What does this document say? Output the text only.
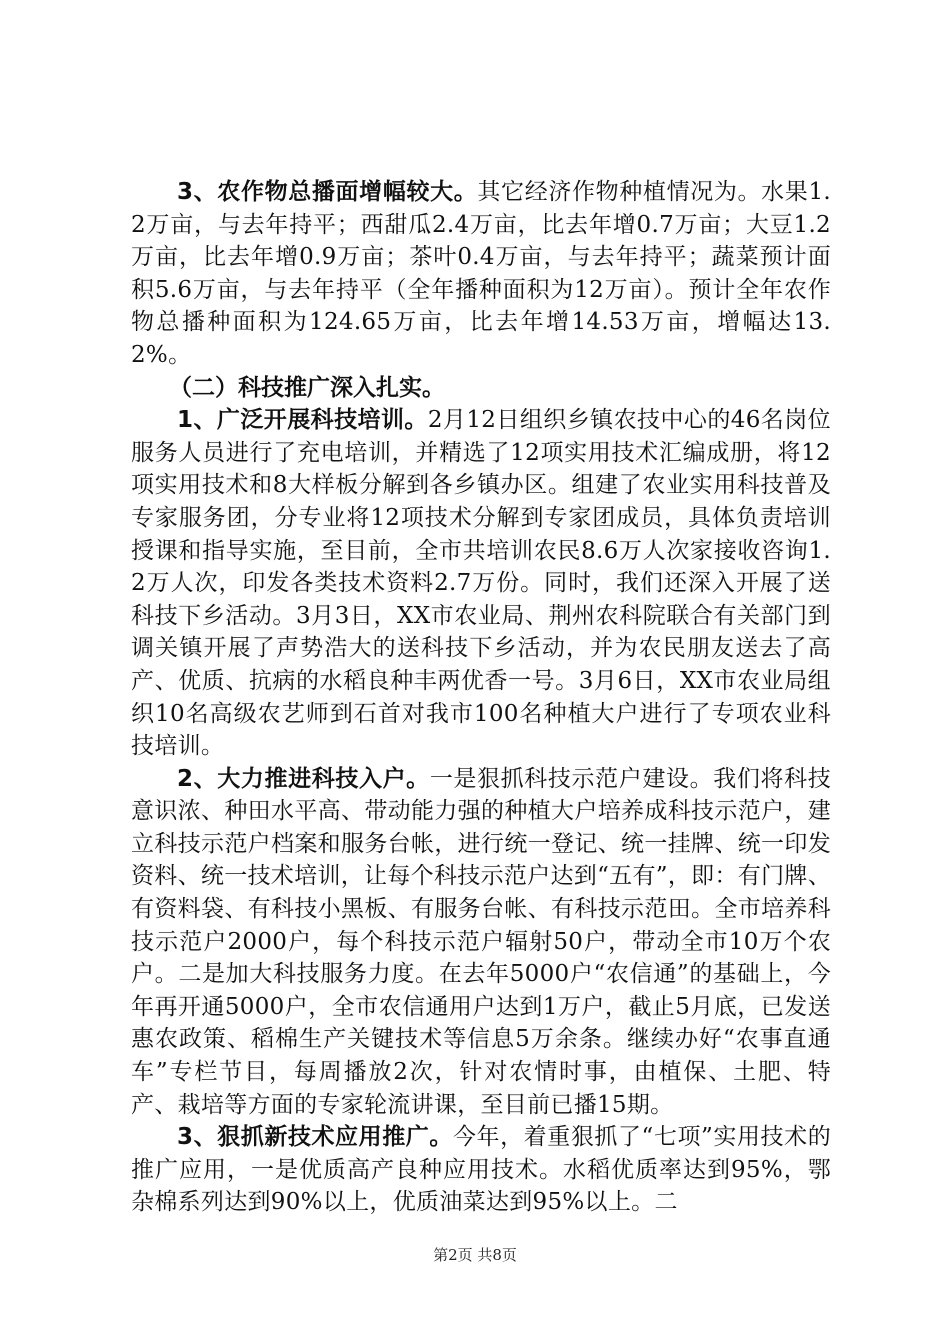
3、农作物总播面增幅较大。其它经济作物种植情况为。水果1.2万亩，与去年持平；西甜瓜2.4万亩，比去年增0.7万亩；大豆1.2万亩，比去年增0.9万亩；茶叶0.4万亩，与去年持平；蔬菜预计面积5.6万亩，与去年持平（全年播种面积为12万亩）。预计全年农作物总播种面积为124.65万亩，比去年增14.53万亩，增幅达13.2%。

（二）科技推广深入扎实。

1、广泛开展科技培训。2月12日组织乡镇农技中心的46名岗位服务人员进行了充电培训，并精选了12项实用技术汇编成册，将12项实用技术和8大样板分解到各乡镇办区。组建了农业实用科技普及专家服务团，分专业将12项技术分解到专家团成员，具体负责培训授课和指导实施，至目前，全市共培训农民8.6万人次家接收咨询1.2万人次，印发各类技术资料2.7万份。同时，我们还深入开展了送科技下乡活动。3月3日，XX市农业局、荆州农科院联合有关部门到调关镇开展了声势浩大的送科技下乡活动，并为农民朋友送去了高产、优质、抗病的水稻良种丰两优香一号。3月6日，XX市农业局组织10名高级农艺师到石首对我市100名种植大户进行了专项农业科技培训。

2、大力推进科技入户。一是狠抓科技示范户建设。我们将科技意识浓、种田水平高、带动能力强的种植大户培养成科技示范户，建立科技示范户档案和服务台帐，进行统一登记、统一挂牌、统一印发资料、统一技术培训，让每个科技示范户达到“五有”，即：有门牌、有资料袋、有科技小黑板、有服务台帐、有科技示范田。全市培养科技示范户2000户，每个科技示范户辐射50户，带动全市10万个农户。二是加大科技服务力度。在去年5000户“农信通”的基础上，今年再开通5000户，全市农信通用户达到1万户，截止5月底，已发送惠农政策、稻棉生产关键技术等信息5万余条。继续办好“农事直通车”专栏节目，每周播放2次，针对农情时事，由植保、土肥、特产、栽培等方面的专家轮流讲课，至目前已播15期。

3、狠抓新技术应用推广。今年，着重狠抓了“七项”实用技术的推广应用，一是优质高产良种应用技术。水稻优质率达到95%，鄂杂棉系列达到90%以上，优质油菜达到95%以上。二

第2页 共8页
